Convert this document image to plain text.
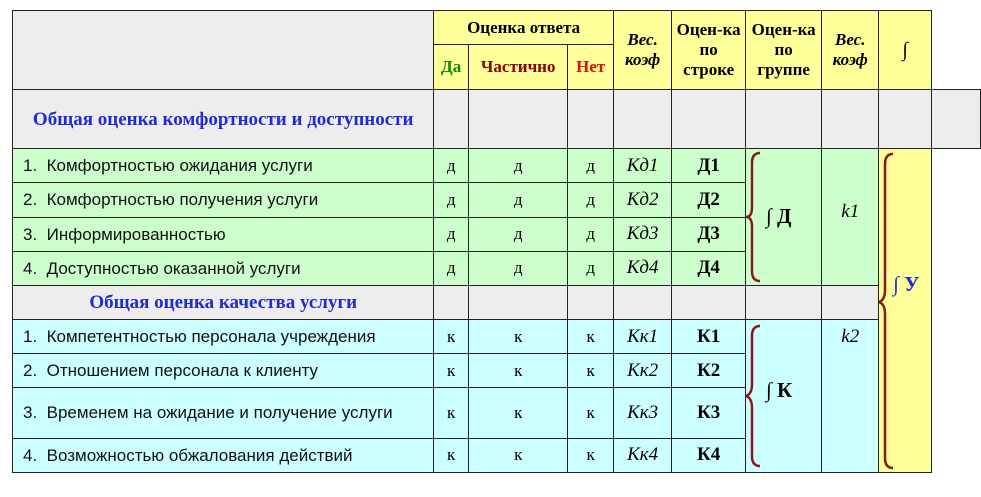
	Оценка ответа			Вес. коэф	Оцен-ка по строке	Оцен-ка по группе	Вес. коэф	∫	
	Да	Частично	Нет						
Общая оценка комфортности и доступности									
1. Комфортностью ожидания услуги	д	д	д	Кд1	Д1	∫ Д	k1	∫ У	

2. Комфортностью получения услуги	д	д	д	Кд2	Д2				
3. Информированностью	д	д	д	Кд3	Д3				
4. Доступностью оказанной услуги	д	д	д	Кд4	Д4				
Общая оценка качества услуги									
1. Компетентностью персонала учреждения	к	к	к	Кк1	К1	∫ К	k2		
2. Отношением персонала к клиенту	к	к	к	Кк2	К2				
3. Временем на ожидание и получение услуги	к	к	к	Кк3	К3				
4. Возможностью обжалования действий	к	к	к	Кк4	К4				
